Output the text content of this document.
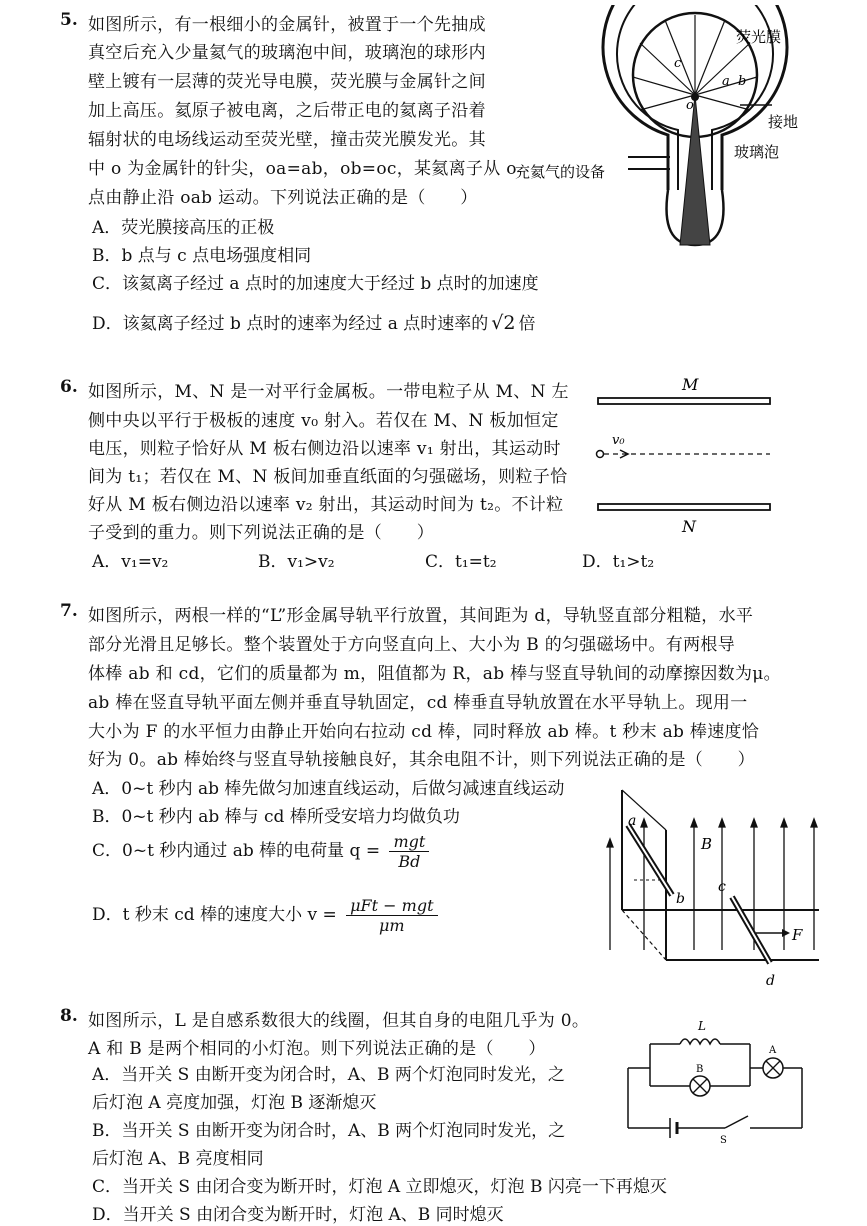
5. 如图所示，有一根细小的金属针，被置于一个先抽成
真空后充入少量氦气的玻璃泡中间，玻璃泡的球形内
壁上镀有一层薄的荧光导电膜，荧光膜与金属针之间
加上高压。氦原子被电离，之后带正电的氦离子沿着
辐射状的电场线运动至荧光壁，撞击荧光膜发光。其
中 o 为金属针的针尖，oa=ab，ob=oc，某氦离子从 o
点由静止沿 oab 运动。下列说法正确的是（　　）
A．荧光膜接高压的正极
B．b 点与 c 点电场强度相同
C．该氦离子经过 a 点时的加速度大于经过 b 点时的加速度
D．该氦离子经过 b 点时的速率为经过 a 点时速率的 √2 倍
c
a b
o
荧光膜
接地
玻璃泡
充氦气的设备
6. 如图所示，M、N 是一对平行金属板。一带电粒子从 M、N 左
侧中央以平行于极板的速度 v₀ 射入。若仅在 M、N 板加恒定
电压，则粒子恰好从 M 板右侧边沿以速率 v₁ 射出，其运动时
间为 t₁；若仅在 M、N 板间加垂直纸面的匀强磁场，则粒子恰
好从 M 板右侧边沿以速率 v₂ 射出，其运动时间为 t₂。不计粒
子受到的重力。则下列说法正确的是（　　）
A．v₁=v₂	B．v₁>v₂	C．t₁=t₂	D．t₁>t₂
M
N
v₀
7. 如图所示，两根一样的“L”形金属导轨平行放置，其间距为 d，导轨竖直部分粗糙，水平
部分光滑且足够长。整个装置处于方向竖直向上、大小为 B 的匀强磁场中。有两根导
体棒 ab 和 cd，它们的质量都为 m，阻值都为 R，ab 棒与竖直导轨间的动摩擦因数为μ。
ab 棒在竖直导轨平面左侧并垂直导轨固定，cd 棒垂直导轨放置在水平导轨上。现用一
大小为 F 的水平恒力由静止开始向右拉动 cd 棒，同时释放 ab 棒。t 秒末 ab 棒速度恰
好为 0。ab 棒始终与竖直导轨接触良好，其余电阻不计，则下列说法正确的是（　　）
A．0~t 秒内 ab 棒先做匀加速直线运动，后做匀减速直线运动
B．0~t 秒内 ab 棒与 cd 棒所受安培力均做负功
C．0~t 秒内通过 ab 棒的电荷量 $q = \frac{\text{mgt}}{Bd}$
D．t 秒末 cd 棒的速度大小 $v = \frac{\text{μFt − mgt}}{\mu m}$
B
a
b
c
d
F
8. 如图所示，L 是自感系数很大的线圈，但其自身的电阻几乎为 0。
A 和 B 是两个相同的小灯泡。则下列说法正确的是（　　）
A．当开关 S 由断开变为闭合时，A、B 两个灯泡同时发光，之
后灯泡 A 亮度加强，灯泡 B 逐渐熄灭
B．当开关 S 由断开变为闭合时，A、B 两个灯泡同时发光，之
后灯泡 A、B 亮度相同
C．当开关 S 由闭合变为断开时，灯泡 A 立即熄灭，灯泡 B 闪亮一下再熄灭
D．当开关 S 由闭合变为断开时，灯泡 A、B 同时熄灭
L
B
A
S
